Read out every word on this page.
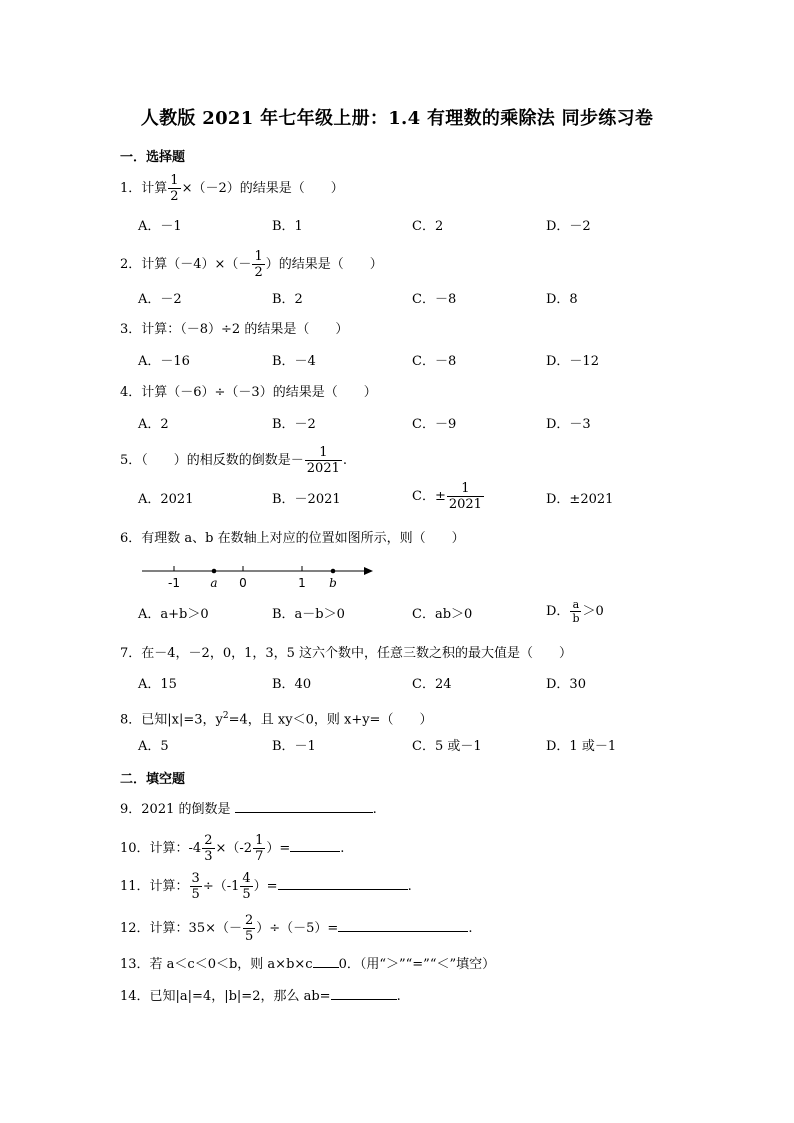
人教版 2021 年七年级上册：1.4 有理数的乘除法 同步练习卷
一．选择题
1．计算 $\frac{1}{2} \times(-2)$的结果是（　　）
A．－1	B．1	C．2	D．－2
2．计算$(-4)\times(- \frac{1}{2}$ ）的结果是（　　）
A．－2	B．2	C．－8	D．8
3．计算：（－8）÷2 的结果是（　　）
A．－16	B．－4	C．－8	D．－12
4．计算（－6）÷（－3）的结果是（　　）
A．2	B．－2	C．－9	D．－3
5．（　　）的相反数的倒数是－ $\frac{1}{2021}$ .
A．2021	B．－2021	C．± $\frac{1}{2021}$	D．±2021
6．有理数 a、b 在数轴上对应的位置如图所示，则（　　）
-1	a 0	1 b
A．a+b＞0	B．a－b＞0	C．ab＞0	D． $\frac{a}{b} >0$
7．在－4，－2，0，1，3，5 这六个数中，任意三数之积的最大值是（　　）
A．15	B．40	C．24	D．30
8．已知|x|=3，$y^2=4$，且 xy＜0，则 x+y=（　　）
A．5	B．－1	C．5 或－1	D．1 或－1
二．填空题
9．2021 的倒数是	.
10．计算：$-4 \frac{2}{3} \times(-2 \frac{1}{7}$ ）=	.
11．计算： $\frac{3}{5} \div(-1 \frac{4}{5}$ ）=	.
12．计算：$35\times(- \frac{2}{5} )\div(-5)=$	.
13．若 a＜c＜0＜b，则 a×b×c 0．（用“＞”“=”“＜”填空）
14．已知|a|=4，|b|=2，那么 ab=	.
